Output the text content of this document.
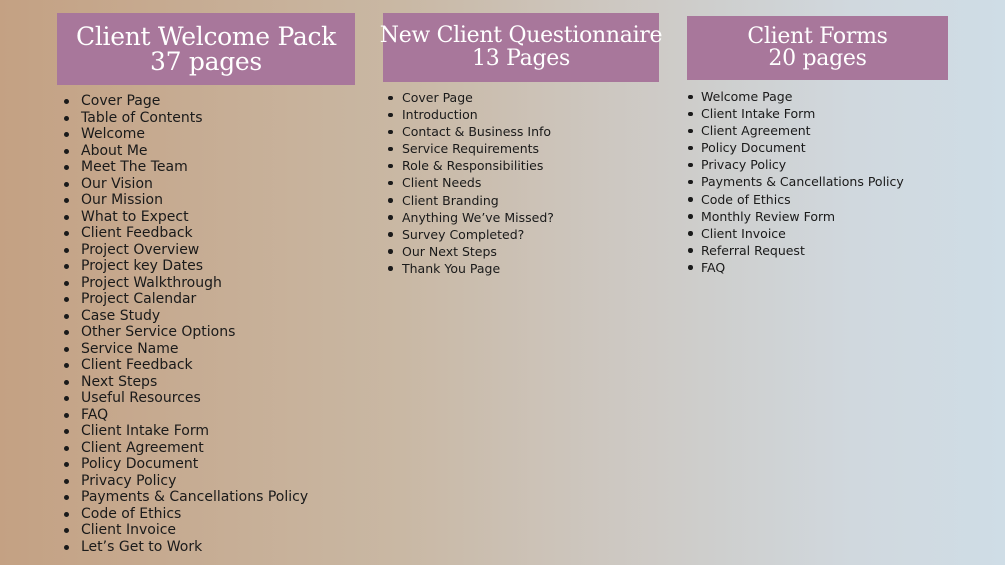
Client Welcome Pack
37 pages
Cover Page
Table of Contents
Welcome
About Me
Meet The Team
Our Vision
Our Mission
What to Expect
Client Feedback
Project Overview
Project key Dates
Project Walkthrough
Project Calendar
Case Study
Other Service Options
Service Name
Client Feedback
Next Steps
Useful Resources
FAQ
Client Intake Form
Client Agreement
Policy Document
Privacy Policy
Payments & Cancellations Policy
Code of Ethics
Client Invoice
Let’s Get to Work
New Client Questionnaire
13 Pages
Cover Page
Introduction
Contact & Business Info
Service Requirements
Role & Responsibilities
Client Needs
Client Branding
Anything We’ve Missed?
Survey Completed?
Our Next Steps
Thank You Page
Client Forms
20 pages
Welcome Page
Client Intake Form
Client Agreement
Policy Document
Privacy Policy
Payments & Cancellations Policy
Code of Ethics
Monthly Review Form
Client Invoice
Referral Request
FAQ
